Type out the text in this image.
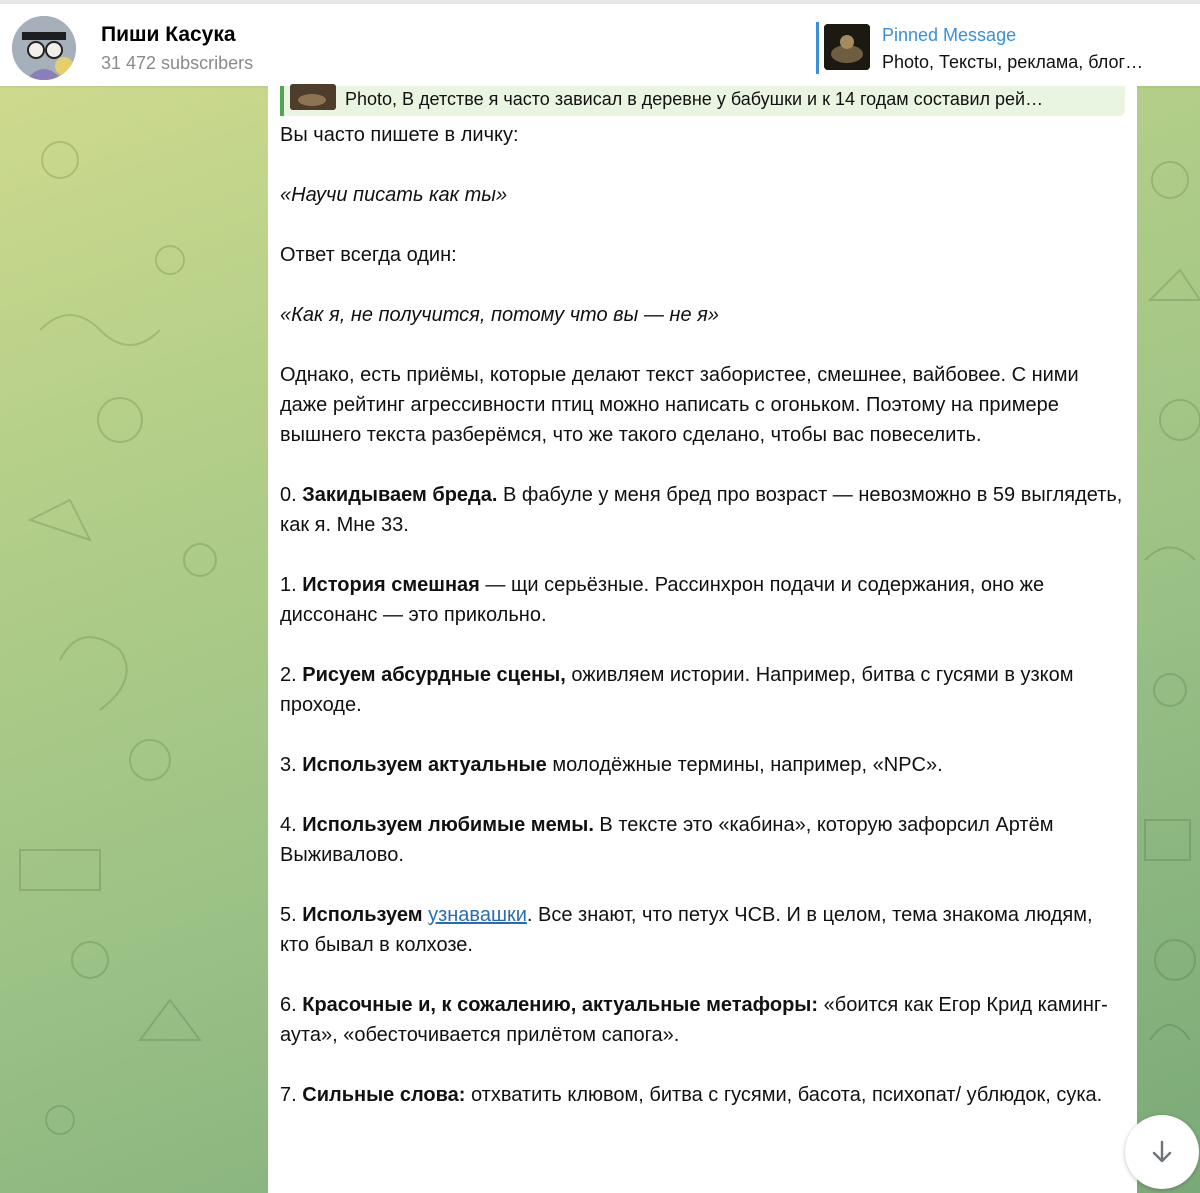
Пиши Касука
31 472 subscribers
Pinned Message
Photo, Тексты, реклама, блог…
Photo, В детстве я часто зависал в деревне у бабушки и к 14 годам составил рей…

Вы часто пишете в личку:

«Научи писать как ты»

Ответ всегда один:

«Как я, не получится, потому что вы — не я»

Однако, есть приёмы, которые делают текст забористее, смешнее, вайбовее. С ними даже рейтинг агрессивности птиц можно написать с огоньком. Поэтому на примере вышнего текста разберёмся, что же такого сделано, чтобы вас повеселить.

0. Закидываем бреда. В фабуле у меня бред про возраст — невозможно в 59 выглядеть, как я. Мне 33.

1. История смешная — щи серьёзные. Рассинхрон подачи и содержания, оно же диссонанс — это прикольно.

2. Рисуем абсурдные сцены, оживляем истории. Например, битва с гусями в узком проходе.

3. Используем актуальные молодёжные термины, например, «NPC».

4. Используем любимые мемы. В тексте это «кабина», которую зафорсил Артём Выживалово.

5. Используем узнавашки. Все знают, что петух ЧСВ. И в целом, тема знакома людям, кто бывал в колхозе.

6. Красочные и, к сожалению, актуальные метафоры: «боится как Егор Крид каминг-аута», «обесточивается прилётом сапога».

7. Сильные слова: отхватить клювом, битва с гусями, басота, психопат/ ублюдок, сука.
